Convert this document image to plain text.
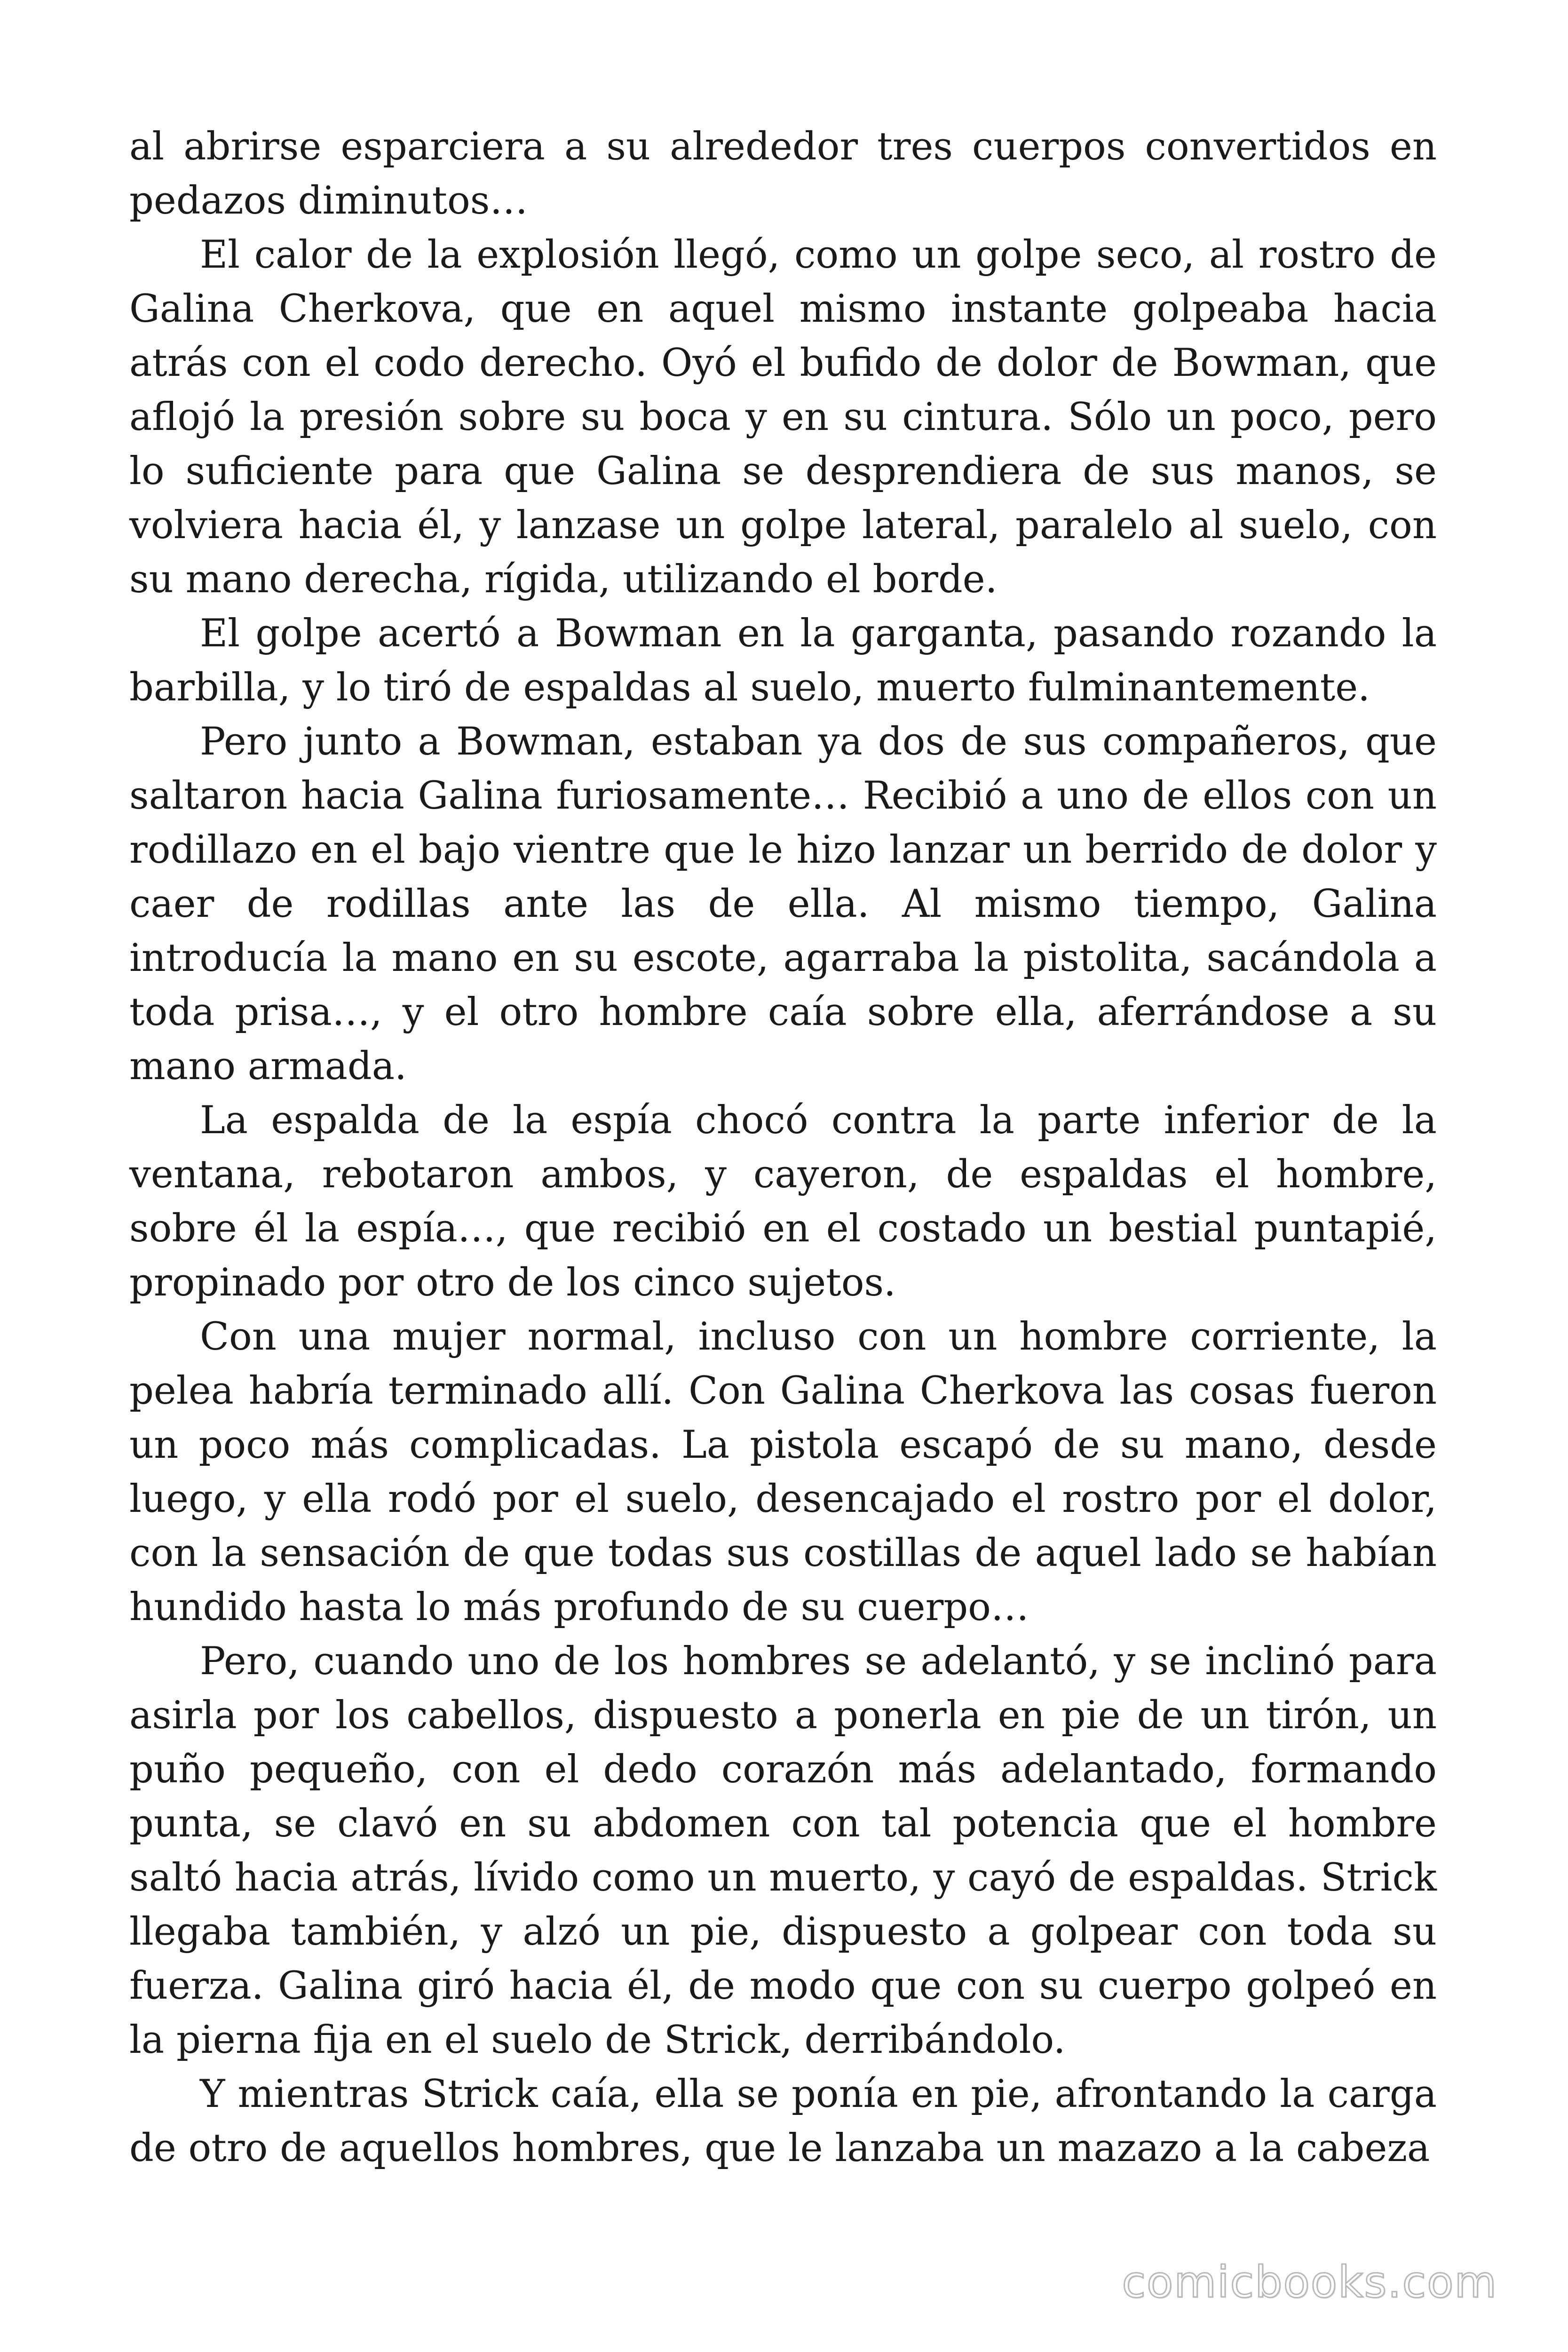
al abrirse esparciera a su alrededor tres cuerpos convertidos en pedazos diminutos…

El calor de la explosión llegó, como un golpe seco, al rostro de Galina Cherkova, que en aquel mismo instante golpeaba hacia atrás con el codo derecho. Oyó el bufido de dolor de Bowman, que aflojó la presión sobre su boca y en su cintura. Sólo un poco, pero lo suficiente para que Galina se desprendiera de sus manos, se volviera hacia él, y lanzase un golpe lateral, paralelo al suelo, con su mano derecha, rígida, utilizando el borde.

El golpe acertó a Bowman en la garganta, pasando rozando la barbilla, y lo tiró de espaldas al suelo, muerto fulminantemente.

Pero junto a Bowman, estaban ya dos de sus compañeros, que saltaron hacia Galina furiosamente… Recibió a uno de ellos con un rodillazo en el bajo vientre que le hizo lanzar un berrido de dolor y caer de rodillas ante las de ella. Al mismo tiempo, Galina introducía la mano en su escote, agarraba la pistolita, sacándola a toda prisa…, y el otro hombre caía sobre ella, aferrándose a su mano armada.

La espalda de la espía chocó contra la parte inferior de la ventana, rebotaron ambos, y cayeron, de espaldas el hombre, sobre él la espía…, que recibió en el costado un bestial puntapié, propinado por otro de los cinco sujetos.

Con una mujer normal, incluso con un hombre corriente, la pelea habría terminado allí. Con Galina Cherkova las cosas fueron un poco más complicadas. La pistola escapó de su mano, desde luego, y ella rodó por el suelo, desencajado el rostro por el dolor, con la sensación de que todas sus costillas de aquel lado se habían hundido hasta lo más profundo de su cuerpo…

Pero, cuando uno de los hombres se adelantó, y se inclinó para asirla por los cabellos, dispuesto a ponerla en pie de un tirón, un puño pequeño, con el dedo corazón más adelantado, formando punta, se clavó en su abdomen con tal potencia que el hombre saltó hacia atrás, lívido como un muerto, y cayó de espaldas. Strick llegaba también, y alzó un pie, dispuesto a golpear con toda su fuerza. Galina giró hacia él, de modo que con su cuerpo golpeó en la pierna fija en el suelo de Strick, derribándolo.

Y mientras Strick caía, ella se ponía en pie, afrontando la carga de otro de aquellos hombres, que le lanzaba un mazazo a la cabeza

comicbooks.com
